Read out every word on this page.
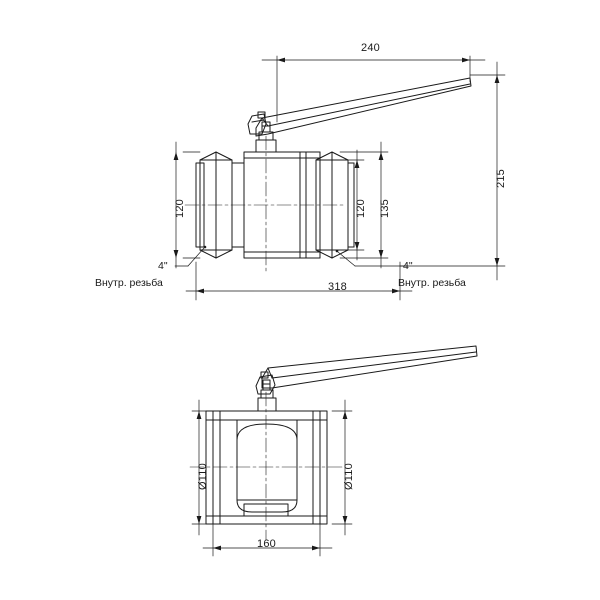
240
215
120	120 135
318
4"
Внутр. резьба
4"
Внутр. резьба
Ø110	Ø110
160
